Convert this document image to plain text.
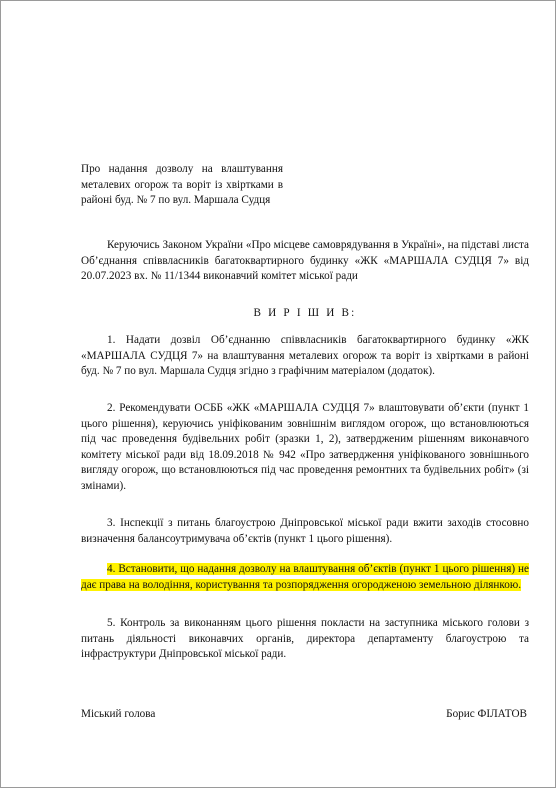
Про надання дозволу на влаштування металевих огорож та воріт із хвіртками в районі буд. № 7 по вул. Маршала Судця

Керуючись Законом України «Про місцеве самоврядування в Україні», на підставі листа Об’єднання співвласників багатоквартирного будинку «ЖК «МАРШАЛА СУДЦЯ 7» від 20.07.2023 вх. № 11/1344 виконавчий комітет міської ради

В И Р І Ш И В:

1. Надати дозвіл Об’єднанню співвласників багатоквартирного будинку «ЖК «МАРШАЛА СУДЦЯ 7» на влаштування металевих огорож та воріт із хвіртками в районі буд. № 7 по вул. Маршала Судця згідно з графічним матеріалом (додаток).

2. Рекомендувати ОСББ «ЖК «МАРШАЛА СУДЦЯ 7» влаштовувати об’єкти (пункт 1 цього рішення), керуючись уніфікованим зовнішнім виглядом огорож, що встановлюються під час проведення будівельних робіт (зразки 1, 2), затвердженим рішенням виконавчого комітету міської ради від 18.09.2018 № 942 «Про затвердження уніфікованого зовнішнього вигляду огорож, що встановлюються під час проведення ремонтних та будівельних робіт» (зі змінами).

3. Інспекції з питань благоустрою Дніпровської міської ради вжити заходів стосовно визначення балансоутримувача об’єктів (пункт 1 цього рішення).

4. Встановити, що надання дозволу на влаштування об’єктів (пункт 1 цього рішення) не дає права на володіння, користування та розпорядження огородженою земельною ділянкою.

5. Контроль за виконанням цього рішення покласти на заступника міського голови з питань діяльності виконавчих органів, директора департаменту благоустрою та інфраструктури Дніпровської міської ради.

Міський голова	Борис ФІЛАТОВ
